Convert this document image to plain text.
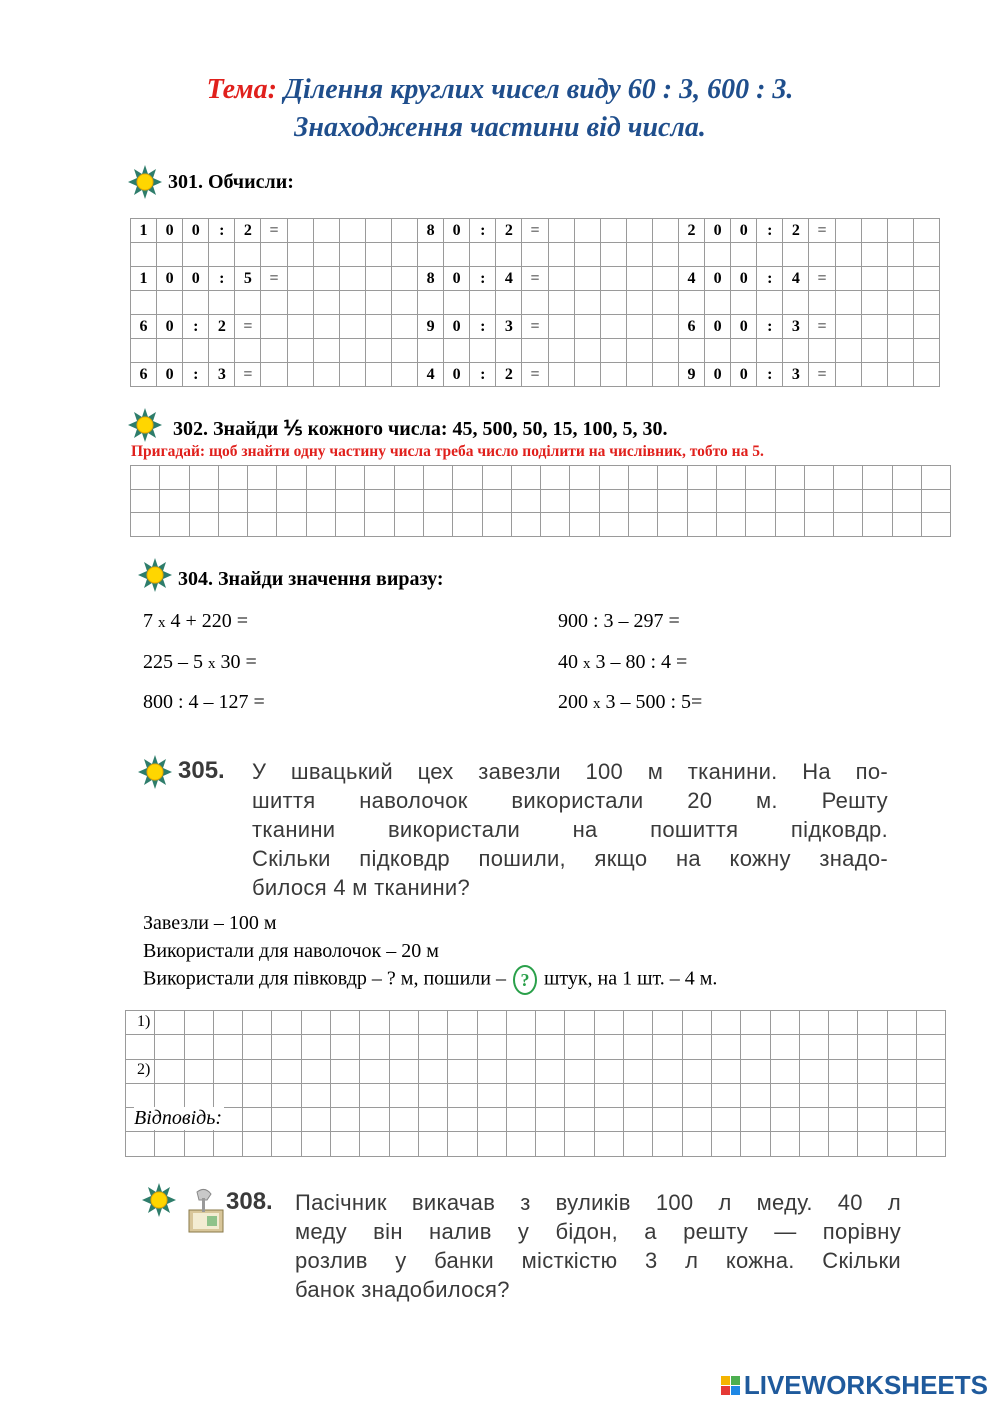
Тема: Ділення круглих чисел виду 60 : 3, 600 : 3.
Знаходження частини від числа.
301. Обчисли:
1	0	0	:	2	=	8	0	:	2	=	2	0	0	:	2	=
1	0	0	:	5	=	8	0	:	4	=	4	0	0	:	4	=
6	0	:	2	=	9	0	:	3	=	6	0	0	:	3	=
6	0	:	3	=	4	0	:	2	=	9	0	0	:	3	=
302. Знайди ⅕ кожного числа: 45, 500, 50, 15, 100, 5, 30.
Пригадай: щоб знайти одну частину числа треба число поділити на числівник, тобто на 5.
304. Знайди значення виразу:
7 x 4 + 220 =
225 – 5 x 30 =
800 : 4 – 127 =
900 : 3 – 297 =
40 x 3 – 80 : 4 =
200 x 3 – 500 : 5=
305. У швацький цех завезли 100 м тканини. На по-
шиття наволочок використали 20 м. Решту
тканини використали на пошиття підковдр.
Скільки підковдр пошили, якщо на кожну знадо-
билося 4 м тканини?
Завезли – 100 м
Використали для наволочок – 20 м
Використали для півковдр – ? м, пошили – ? штук, на 1 шт. – 4 м.
1)
2)
Відповідь:
308. Пасічник викачав з вуликів 100 л меду. 40 л
меду він налив у бідон, а решту — порівну
розлив у банки місткістю 3 л кожна. Скільки
банок знадобилося?
LIVEWORKSHEETS
